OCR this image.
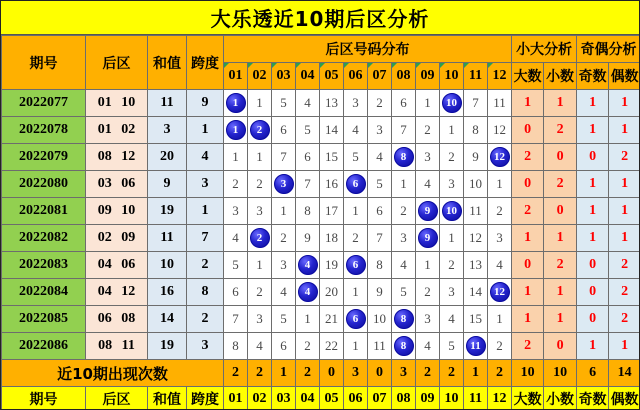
大乐透近10期后区分析
期号	后区	和值	跨度	后区号码分布												小大分析		奇偶分析	
				01	02	03	04	05	06	07	08	09	10	11	12	大数	小数	奇数	偶数
2022077	01 10	11	9	1	1	5	4	13	3	2	6	1	10	7	11	1	1	1	1
2022078	01 02	3	1	1	2	6	5	14	4	3	7	2	1	8	12	0	2	1	1
2022079	08 12	20	4	1	1	7	6	15	5	4	8	3	2	9	12	2	0	0	2
2022080	03 06	9	3	2	2	3	7	16	6	5	1	4	3	10	1	0	2	1	1
2022081	09 10	19	1	3	3	1	8	17	1	6	2	9	10	11	2	2	0	1	1
2022082	02 09	11	7	4	2	2	9	18	2	7	3	9	1	12	3	1	1	1	1
2022083	04 06	10	2	5	1	3	4	19	6	8	4	1	2	13	4	0	2	0	2
2022084	04 12	16	8	6	2	4	4	20	1	9	5	2	3	14	12	1	1	0	2
2022085	06 08	14	2	7	3	5	1	21	6	10	8	3	4	15	1	1	1	0	2
2022086	08 11	19	3	8	4	6	2	22	1	11	8	4	5	11	2	2	0	1	1
近10期出现次数				2	2	1	2	0	3	0	3	2	2	1	2	10	10	6	14
期号	后区	和值	跨度	01	02	03	04	05	06	07	08	09	10	11	12	大数	小数	奇数	偶数
